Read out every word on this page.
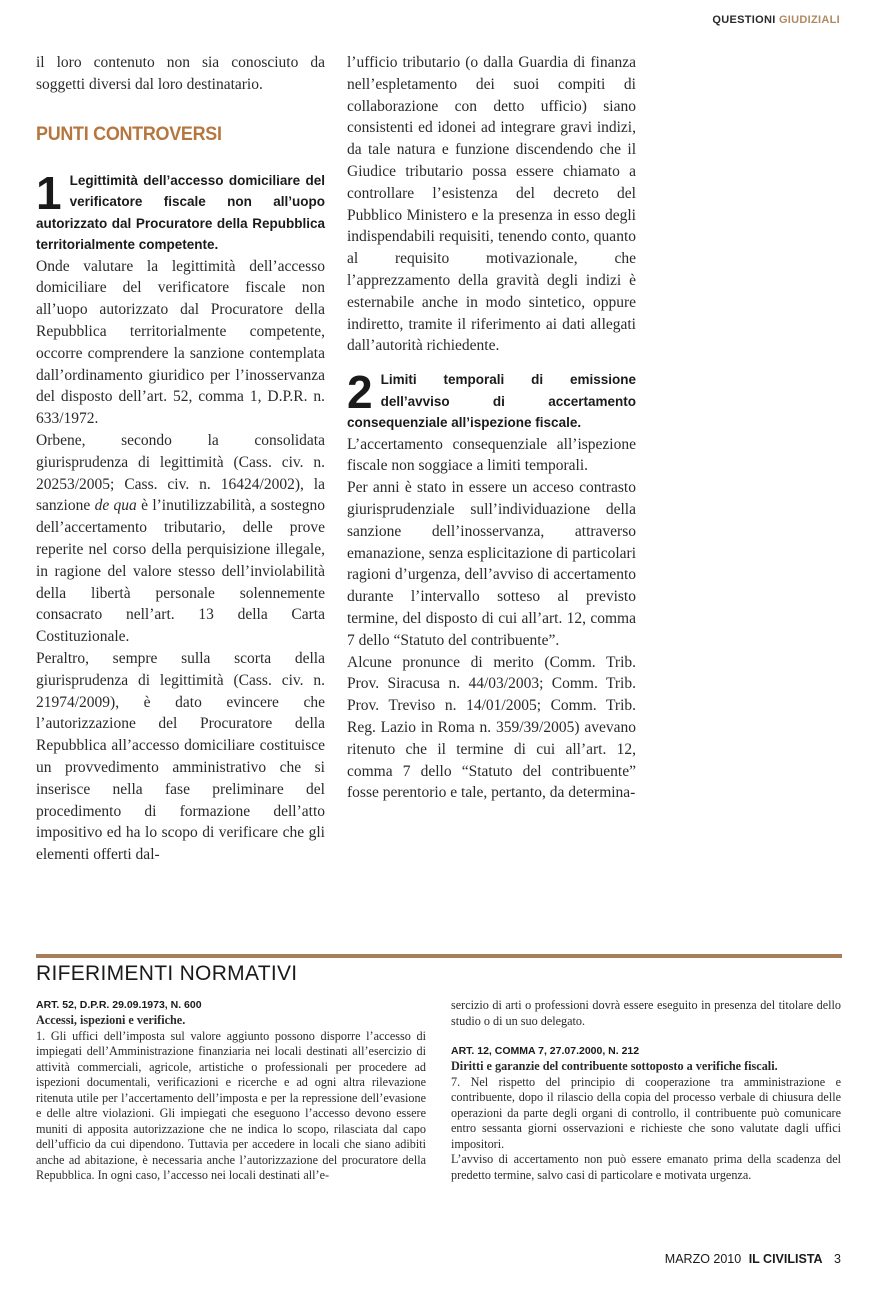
QUESTIONI GIUDIZIALI

il loro contenuto non sia conosciuto da soggetti diversi dal loro destinatario.

PUNTI CONTROVERSI
1 Legittimità dell’accesso domiciliare del verificatore fiscale non all’uopo autorizzato dal Procuratore della Repubblica territorialmente competente.

Onde valutare la legittimità dell’accesso domiciliare del verificatore fiscale non all’uopo autorizzato dal Procuratore della Repubblica territorialmente competente, occorre comprendere la sanzione contemplata dall’ordinamento giuridico per l’inosservanza del disposto dell’art. 52, comma 1, D.P.R. n. 633/1972.

Orbene, secondo la consolidata giurisprudenza di legittimità (Cass. civ. n. 20253/2005; Cass. civ. n. 16424/2002), la sanzione de qua è l’inutilizzabilità, a sostegno dell’accertamento tributario, delle prove reperite nel corso della perquisizione illegale, in ragione del valore stesso dell’inviolabilità della libertà personale solennemente consacrato nell’art. 13 della Carta Costituzionale.

Peraltro, sempre sulla scorta della giurisprudenza di legittimità (Cass. civ. n. 21974/2009), è dato evincere che l’autorizzazione del Procuratore della Repubblica all’accesso domiciliare costituisce un provvedimento amministrativo che si inserisce nella fase preliminare del procedimento di formazione dell’atto impositivo ed ha lo scopo di verificare che gli elementi offerti dal-

l’ufficio tributario (o dalla Guardia di finanza nell’espletamento dei suoi compiti di collaborazione con detto ufficio) siano consistenti ed idonei ad integrare gravi indizi, da tale natura e funzione discendendo che il Giudice tributario possa essere chiamato a controllare l’esistenza del decreto del Pubblico Ministero e la presenza in esso degli indispendabili requisiti, tenendo conto, quanto al requisito motivazionale, che l’apprezzamento della gravità degli indizi è esternabile anche in modo sintetico, oppure indiretto, tramite il riferimento ai dati allegati dall’autorità richiedente.

2 Limiti temporali di emissione dell’avviso di accertamento consequenziale all’ispezione fiscale.

L’accertamento consequenziale all’ispezione fiscale non soggiace a limiti temporali.

Per anni è stato in essere un acceso contrasto giurisprudenziale sull’individuazione della sanzione dell’inosservanza, attraverso emanazione, senza esplicitazione di particolari ragioni d’urgenza, dell’avviso di accertamento durante l’intervallo sotteso al previsto termine, del disposto di cui all’art. 12, comma 7 dello “Statuto del contribuente”.

Alcune pronunce di merito (Comm. Trib. Prov. Siracusa n. 44/03/2003; Comm. Trib. Prov. Treviso n. 14/01/2005; Comm. Trib. Reg. Lazio in Roma n. 359/39/2005) avevano ritenuto che il termine di cui all’art. 12, comma 7 dello “Statuto del contribuente” fosse perentorio e tale, pertanto, da determina-

RIFERIMENTI NORMATIVI
ART. 52, D.P.R. 29.09.1973, N. 600
Accessi, ispezioni e verifiche.

1. Gli uffici dell’imposta sul valore aggiunto possono disporre l’accesso di impiegati dell’Amministrazione finanziaria nei locali destinati all’esercizio di attività commerciali, agricole, artistiche o professionali per procedere ad ispezioni documentali, verificazioni e ricerche e ad ogni altra rilevazione ritenuta utile per l’accertamento dell’imposta e per la repressione dell’evasione e delle altre violazioni. Gli impiegati che eseguono l’accesso devono essere muniti di apposita autorizzazione che ne indica lo scopo, rilasciata dal capo dell’ufficio da cui dipendono. Tuttavia per accedere in locali che siano adibiti anche ad abitazione, è necessaria anche l’autorizzazione del procuratore della Repubblica. In ogni caso, l’accesso nei locali destinati all’e-

sercizio di arti o professioni dovrà essere eseguito in presenza del titolare dello studio o di un suo delegato.

ART. 12, COMMA 7, 27.07.2000, N. 212
Diritti e garanzie del contribuente sottoposto a verifiche fiscali.

7. Nel rispetto del principio di cooperazione tra amministrazione e contribuente, dopo il rilascio della copia del processo verbale di chiusura delle operazioni da parte degli organi di controllo, il contribuente può comunicare entro sessanta giorni osservazioni e richieste che sono valutate dagli uffici impositori.

L’avviso di accertamento non può essere emanato prima della scadenza del predetto termine, salvo casi di particolare e motivata urgenza.

MARZO 2010 IL CIVILISTA 3
